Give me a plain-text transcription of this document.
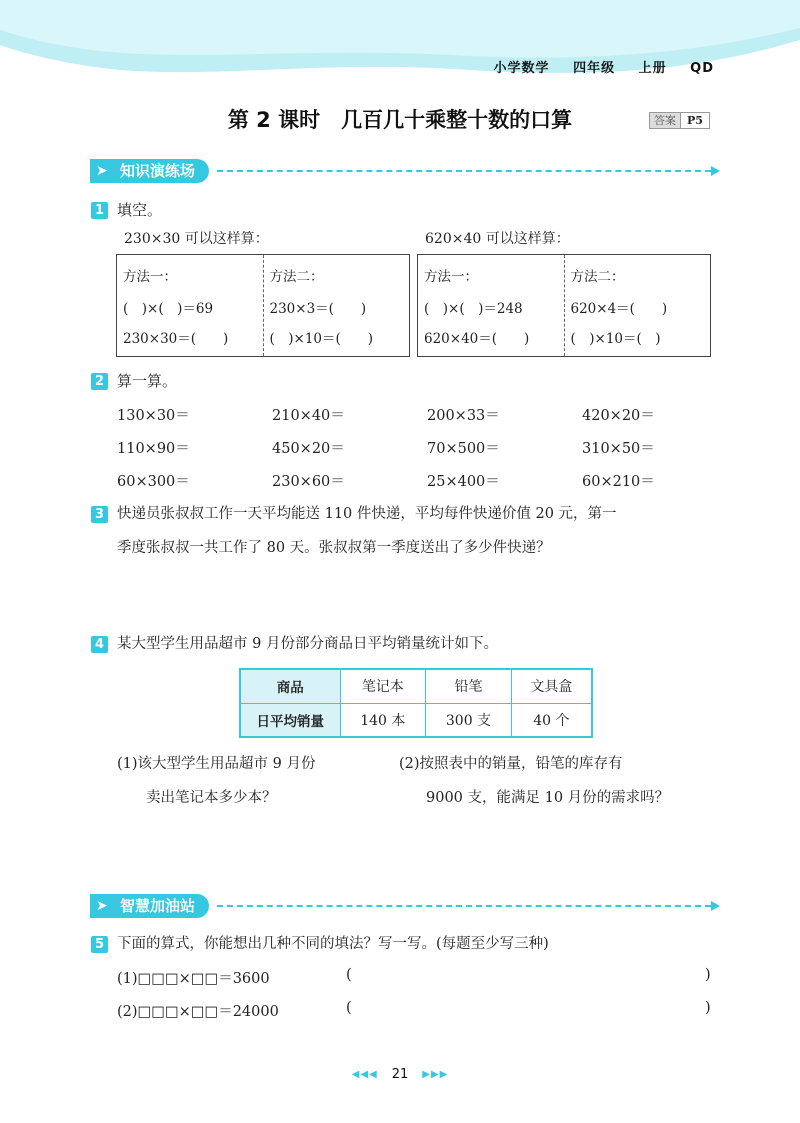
小学数学 四年级 上册 QD
第 2 课时　几百几十乘整十数的口算	答案	P5
➤ 知识演练场
1 填空。
230×30 可以这样算：	620×40 可以这样算：
方法一：
(　)×(　)＝69
230×30＝(　　)
方法二：
230×3＝(　　)
(　)×10＝(　　)
方法一：
(　)×(　)＝248
620×40＝(　　)
方法二：
620×4＝(　　)
(　)×10＝(　)
2 算一算。
130×30＝	210×40＝	200×33＝	420×20＝
110×90＝	450×20＝	70×500＝	310×50＝
60×300＝	230×60＝	25×400＝	60×210＝
3 快递员张叔叔工作一天平均能送 110 件快递，平均每件快递价值 20 元，第一
季度张叔叔一共工作了 80 天。张叔叔第一季度送出了多少件快递？
4 某大型学生用品超市 9 月份部分商品日平均销量统计如下。
商品	笔记本	铅笔	文具盒
日平均销量	140 本	300 支	40 个
(1)该大型学生用品超市 9 月份
卖出笔记本多少本？
(2)按照表中的销量，铅笔的库存有
9000 支，能满足 10 月份的需求吗？
➤ 智慧加油站
5 下面的算式，你能想出几种不同的填法？写一写。(每题至少写三种)
(1)□□□×□□＝3600	(	)
(2)□□□×□□＝24000	(	)
◀◀◀ 21 ▶▶▶
